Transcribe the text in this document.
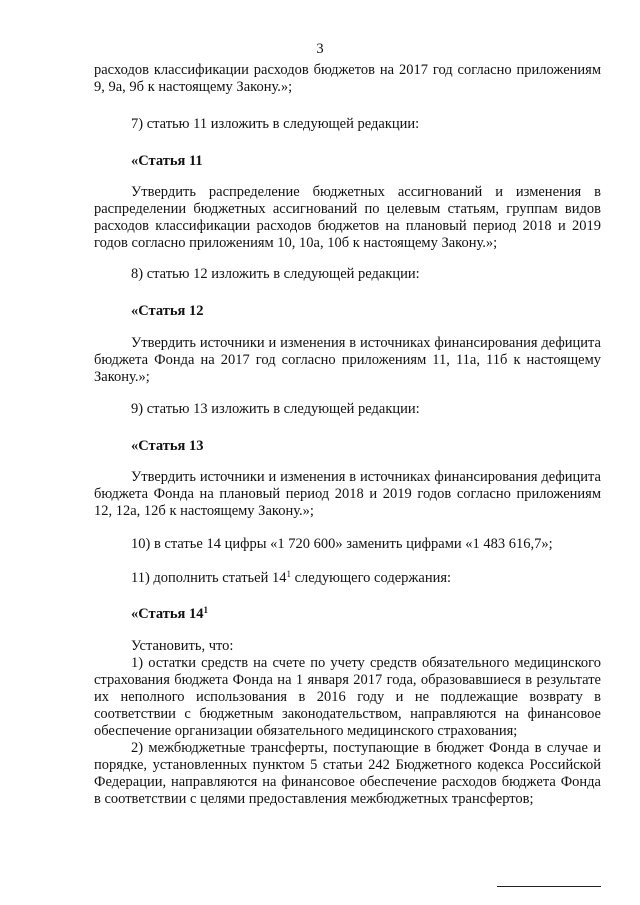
3
расходов классификации расходов бюджетов на 2017 год согласно приложениям 9, 9а, 9б к настоящему Закону.»;
7) статью 11 изложить в следующей редакции:
«Статья 11
Утвердить распределение бюджетных ассигнований и изменения в распределении бюджетных ассигнований по целевым статьям, группам видов расходов классификации расходов бюджетов на плановый период 2018 и 2019 годов согласно приложениям 10, 10а, 10б к настоящему Закону.»;
8) статью 12 изложить в следующей редакции:
«Статья 12
Утвердить источники и изменения в источниках финансирования дефицита бюджета Фонда на 2017 год согласно приложениям 11, 11а, 11б к настоящему Закону.»;
9) статью 13 изложить в следующей редакции:
«Статья 13
Утвердить источники и изменения в источниках финансирования дефицита бюджета Фонда на плановый период 2018 и 2019 годов согласно приложениям 12, 12а, 12б к настоящему Закону.»;
10) в статье 14 цифры «1 720 600» заменить цифрами «1 483 616,7»;
11) дополнить статьей $14^1$ следующего содержания:
«Статья $14^1$
Установить, что:
1) остатки средств на счете по учету средств обязательного медицинского страхования бюджета Фонда на 1 января 2017 года, образовавшиеся в результате их неполного использования в 2016 году и не подлежащие возврату в соответствии с бюджетным законодательством, направляются на финансовое обеспечение организации обязательного медицинского страхования;
2) межбюджетные трансферты, поступающие в бюджет Фонда в случае и порядке, установленных пунктом 5 статьи 242 Бюджетного кодекса Российской Федерации, направляются на финансовое обеспечение расходов бюджета Фонда в соответствии с целями предоставления межбюджетных трансфертов;
